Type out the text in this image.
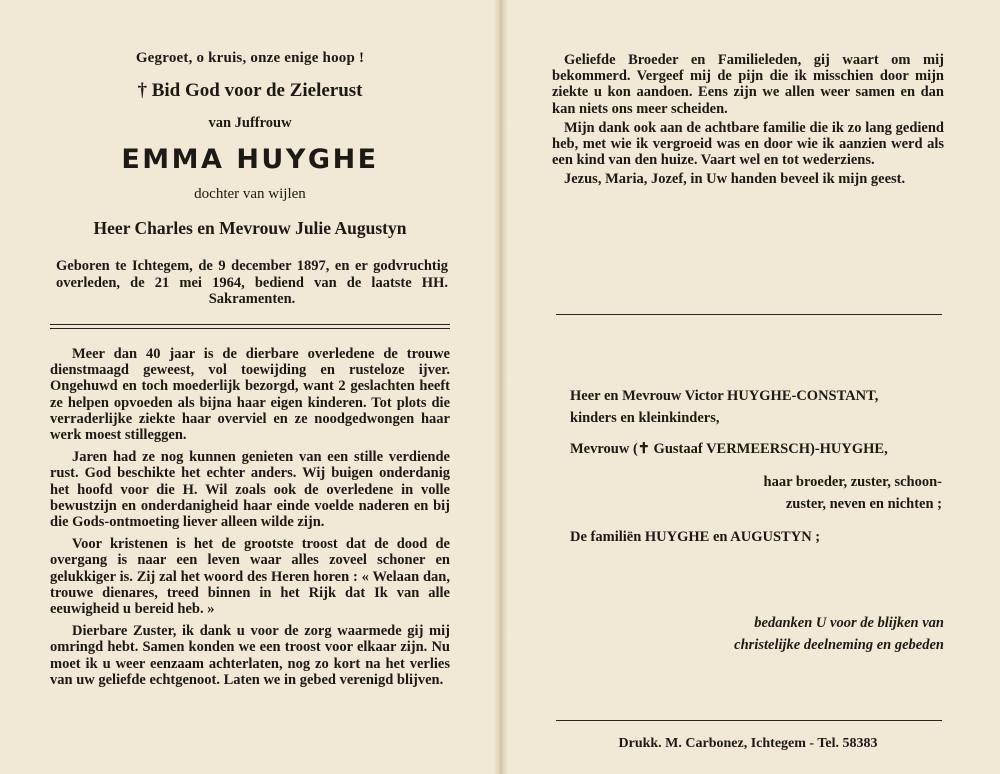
Gegroet, o kruis, onze enige hoop !
† Bid God voor de Zielerust
van Juffrouw
EMMA HUYGHE
dochter van wijlen
Heer Charles en Mevrouw Julie Augustyn
Geboren te Ichtegem, de 9 december 1897, en er godvruchtig overleden, de 21 mei 1964, bediend van de laatste HH. Sakramenten.

Meer dan 40 jaar is de dierbare overledene de trouwe dienstmaagd geweest, vol toewijding en rusteloze ijver. Ongehuwd en toch moederlijk bezorgd, want 2 geslachten heeft ze helpen opvoeden als bijna haar eigen kinderen. Tot plots die verraderlijke ziekte haar overviel en ze noodgedwongen haar werk moest stilleggen.

Jaren had ze nog kunnen genieten van een stille verdiende rust. God beschikte het echter anders. Wij buigen onderdanig het hoofd voor die H. Wil zoals ook de overledene in volle bewustzijn en onderdanigheid haar einde voelde naderen en bij die Gods-ontmoeting liever alleen wilde zijn.

Voor kristenen is het de grootste troost dat de dood de overgang is naar een leven waar alles zoveel schoner en gelukkiger is. Zij zal het woord des Heren horen : « Welaan dan, trouwe dienares, treed binnen in het Rijk dat Ik van alle eeuwigheid u bereid heb. »

Dierbare Zuster, ik dank u voor de zorg waarmede gij mij omringd hebt. Samen konden we een troost voor elkaar zijn. Nu moet ik u weer eenzaam achterlaten, nog zo kort na het verlies van uw geliefde echtgenoot. Laten we in gebed verenigd blijven.

Geliefde Broeder en Familieleden, gij waart om mij bekommerd. Vergeef mij de pijn die ik misschien door mijn ziekte u kon aandoen. Eens zijn we allen weer samen en dan kan niets ons meer scheiden.

Mijn dank ook aan de achtbare familie die ik zo lang gediend heb, met wie ik vergroeid was en door wie ik aanzien werd als een kind van den huize. Vaart wel en tot wederziens.

Jezus, Maria, Jozef, in Uw handen beveel ik mijn geest.

Heer en Mevrouw Victor HUYGHE-CONSTANT,
kinders en kleinkinders,
Mevrouw (✝ Gustaaf VERMEERSCH)-HUYGHE,
haar broeder, zuster, schoon-
zuster, neven en nichten ;
De familiën HUYGHE en AUGUSTYN ;
bedanken U voor de blijken van
christelijke deelneming en gebeden
Drukk. M. Carbonez, Ichtegem - Tel. 58383
